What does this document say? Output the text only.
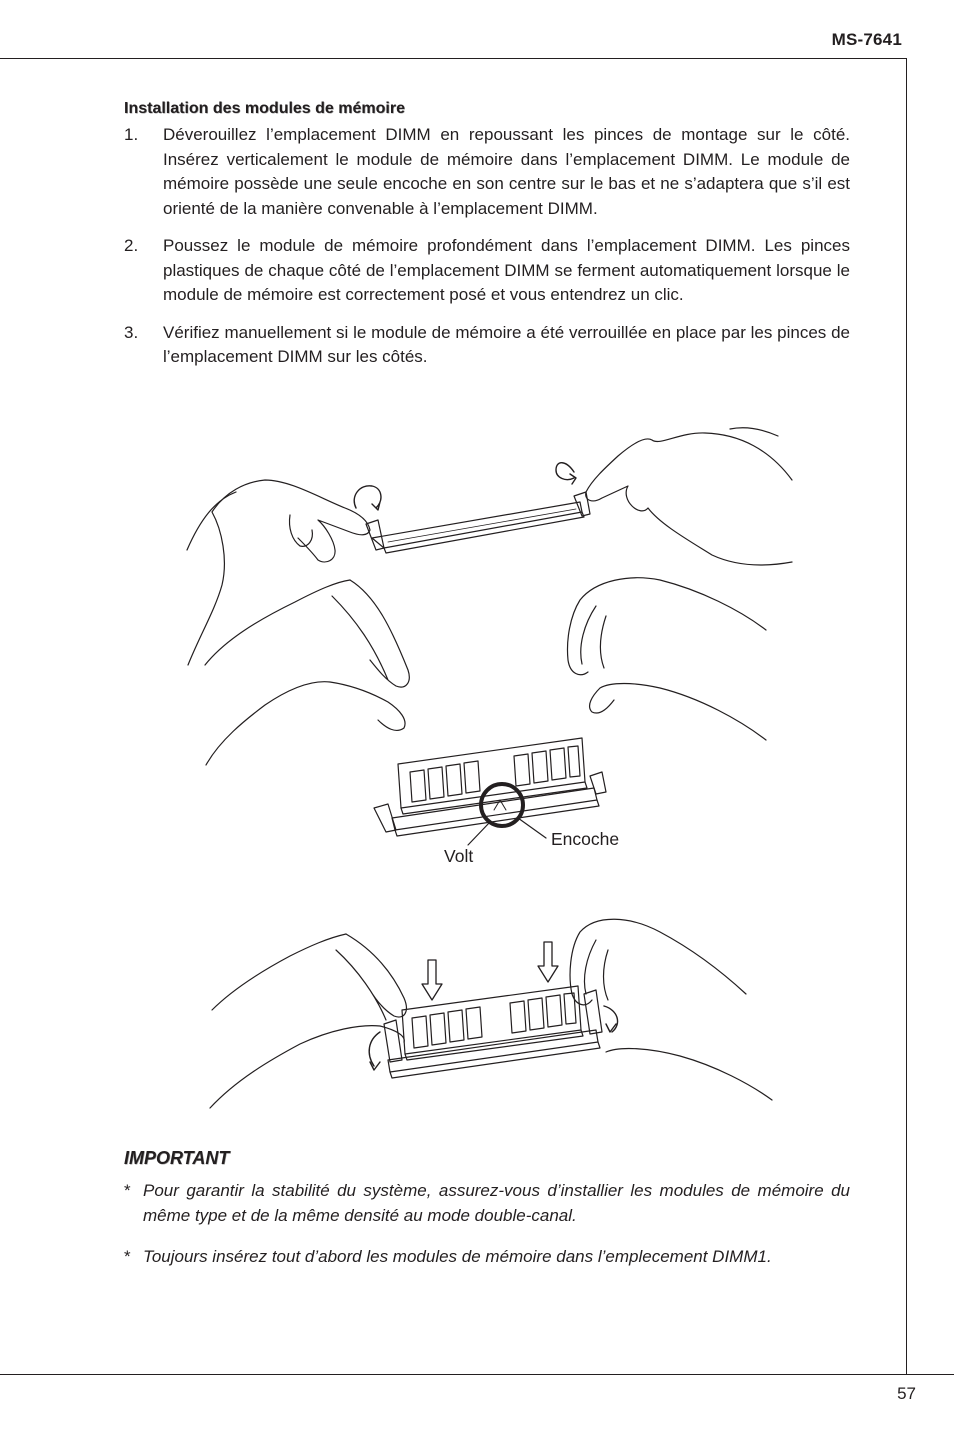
MS-7641
Installation des modules de mémoire
1.	Déverouillez l’emplacement DIMM en repoussant les pinces de montage sur le côté. Insérez verticalement le module de mémoire dans l’emplacement DIMM. Le module de mémoire possède une seule encoche en son centre sur le bas et ne s’adaptera que s’il est orienté de la manière convenable à l’emplacement DIMM.
2.	Poussez le module de mémoire profondément dans l’emplacement DIMM. Les pinces plastiques de chaque côté de l’emplacement DIMM se ferment automatiquement lorsque le module de mémoire est correctement posé et vous entendrez un clic.
3.	Vérifiez manuellement si le module de mémoire a été verrouillée en place par les pinces de l’emplacement DIMM sur les côtés.
Encoche
Volt
IMPORTANT
* Pour garantir la stabilité du système, assurez-vous d’installier les modules de mémoire du même type et de la même densité au mode double-canal.
* Toujours insérez tout d’abord les modules de mémoire dans l’emplecement DIMM1.
57
